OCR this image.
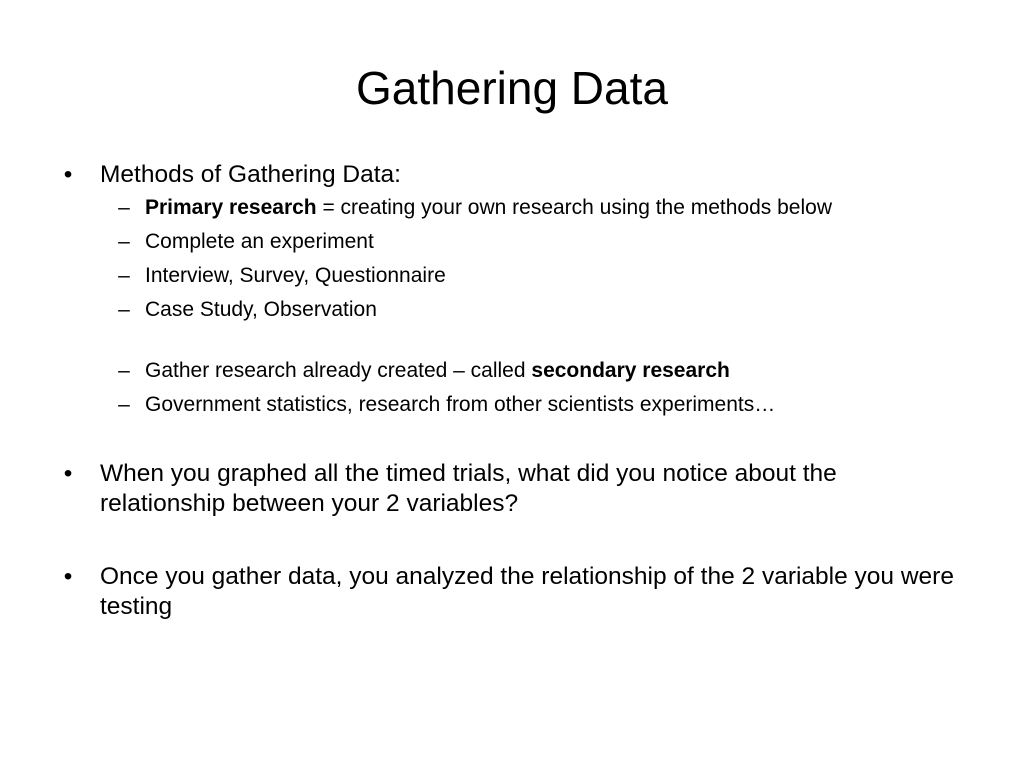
Gathering Data
• Methods of Gathering Data:
– Primary research = creating your own research using the methods below
– Complete an experiment
– Interview, Survey, Questionnaire
– Case Study, Observation
– Gather research already created – called secondary research
– Government statistics, research from other scientists experiments…
• When you graphed all the timed trials, what did you notice about the relationship between your 2 variables?
• Once you gather data, you analyzed the relationship of the 2 variable you were testing
